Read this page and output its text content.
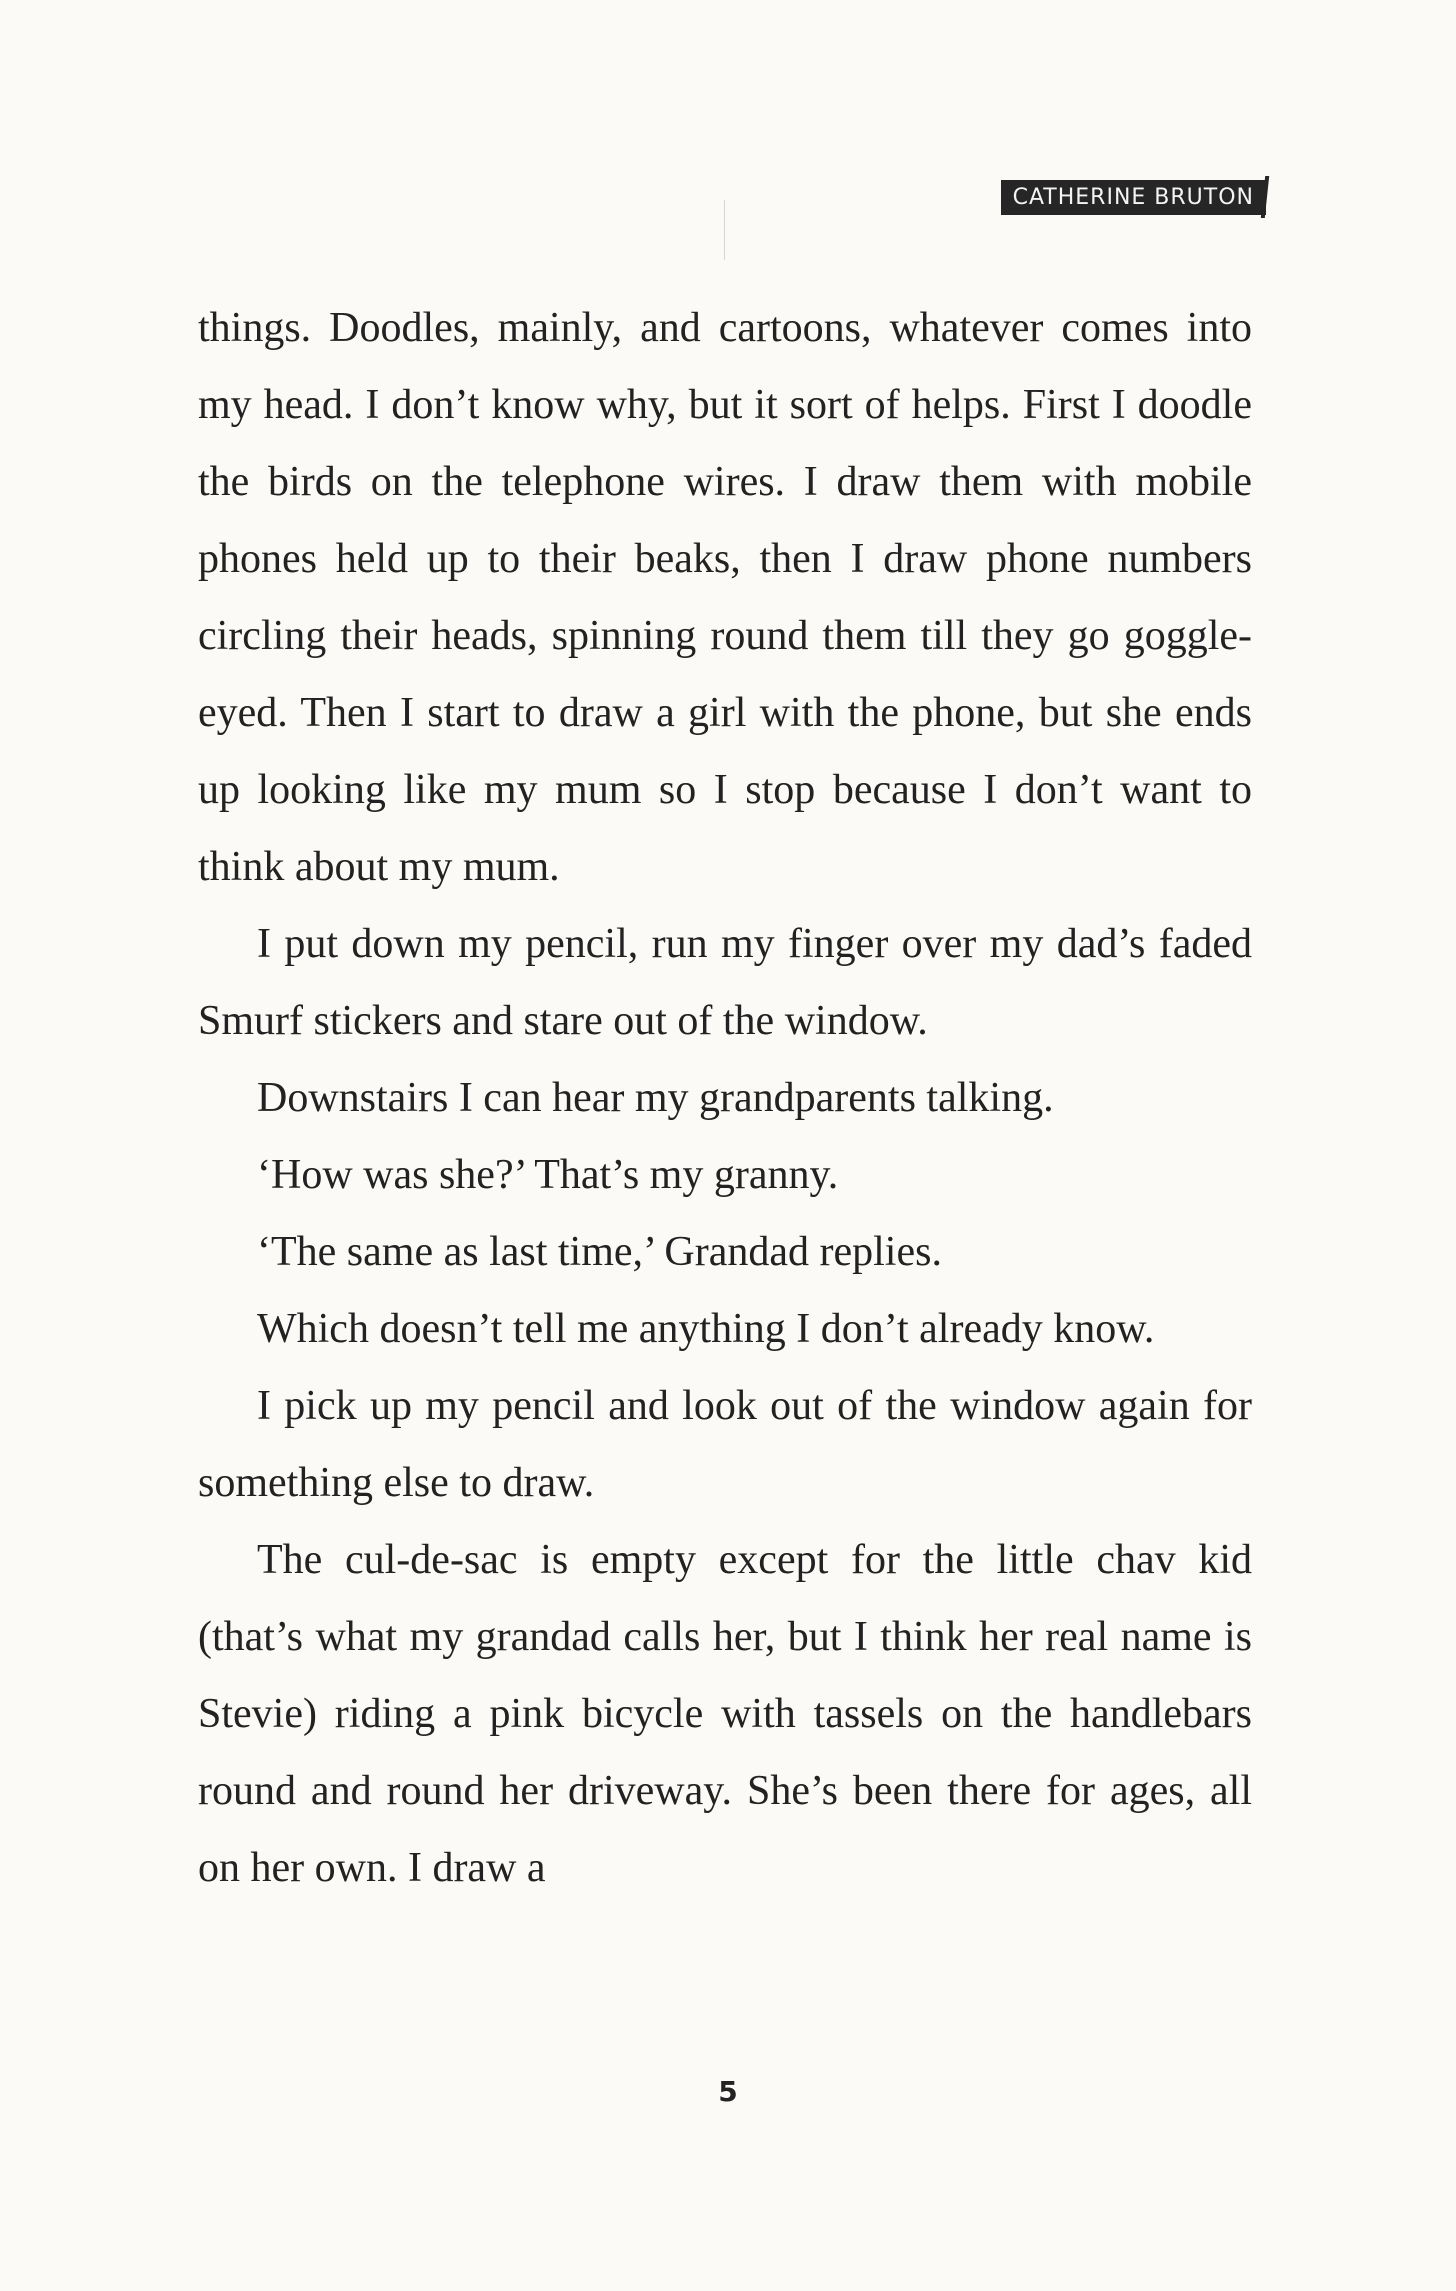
CATHERINE BRUTON

things. Doodles, mainly, and cartoons, whatever comes into my head. I don’t know why, but it sort of helps. First I doodle the birds on the telephone wires. I draw them with mobile phones held up to their beaks, then I draw phone numbers circling their heads, spinning round them till they go goggle-eyed. Then I start to draw a girl with the phone, but she ends up looking like my mum so I stop because I don’t want to think about my mum.

I put down my pencil, run my finger over my dad’s faded Smurf stickers and stare out of the window.

Downstairs I can hear my grandparents talking.

‘How was she?’ That’s my granny.

‘The same as last time,’ Grandad replies.

Which doesn’t tell me anything I don’t already know.

I pick up my pencil and look out of the window again for something else to draw.

The cul-de-sac is empty except for the little chav kid (that’s what my grandad calls her, but I think her real name is Stevie) riding a pink bicycle with tassels on the handlebars round and round her driveway. She’s been there for ages, all on her own. I draw a

5
